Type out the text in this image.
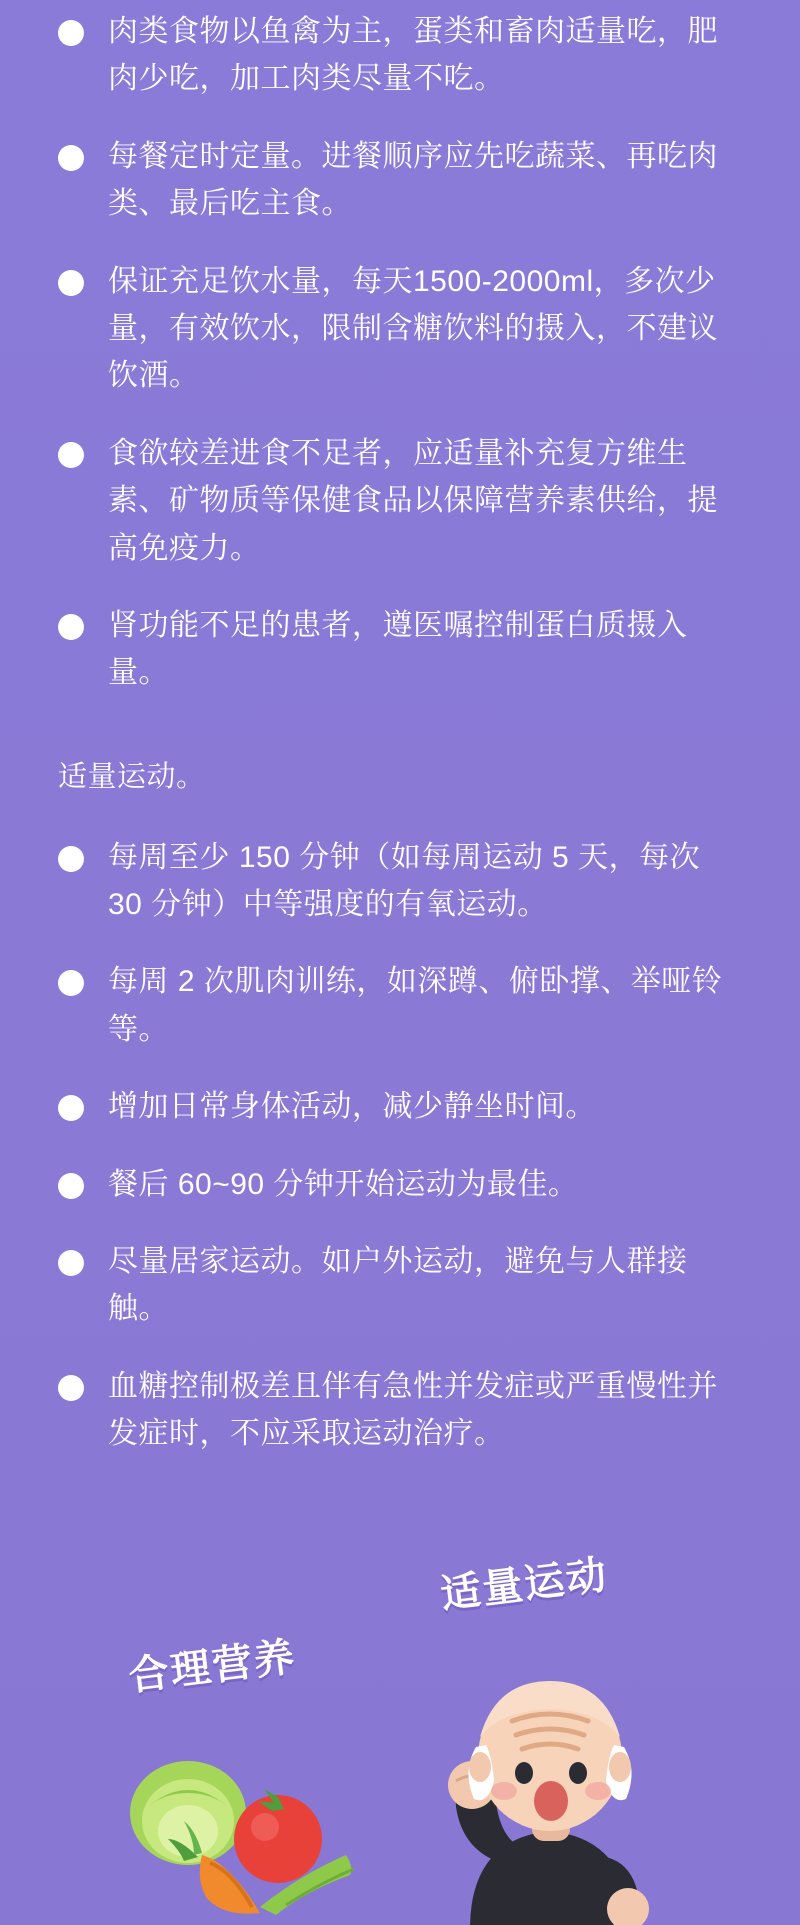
肉类食物以鱼禽为主，蛋类和畜肉适量吃，肥肉少吃，加工肉类尽量不吃。
每餐定时定量。进餐顺序应先吃蔬菜、再吃肉类、最后吃主食。
保证充足饮水量，每天1500-2000ml，多次少量，有效饮水，限制含糖饮料的摄入，不建议饮酒。
食欲较差进食不足者，应适量补充复方维生素、矿物质等保健食品以保障营养素供给，提高免疫力。
肾功能不足的患者，遵医嘱控制蛋白质摄入量。
适量运动。
每周至少 150 分钟（如每周运动 5 天，每次 30 分钟）中等强度的有氧运动。
每周 2 次肌肉训练，如深蹲、俯卧撑、举哑铃等。
增加日常身体活动，减少静坐时间。
餐后 60~90 分钟开始运动为最佳。
尽量居家运动。如户外运动，避免与人群接触。
血糖控制极差且伴有急性并发症或严重慢性并发症时，不应采取运动治疗。
适量运动
合理营养
